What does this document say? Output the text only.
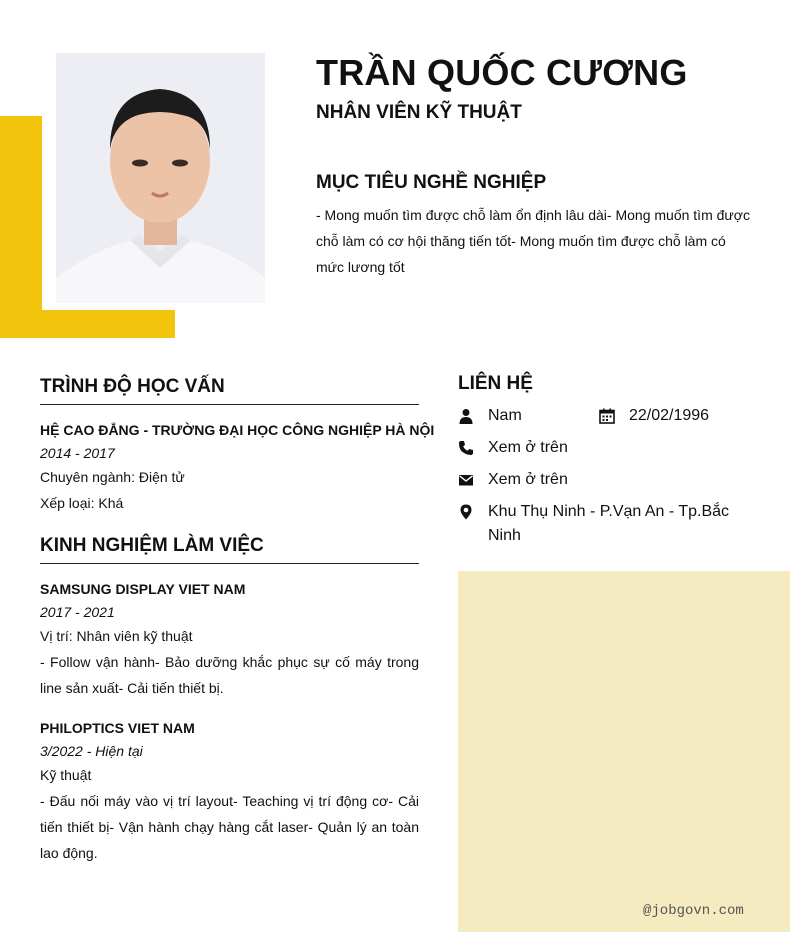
TRẦN QUỐC CƯƠNG
NHÂN VIÊN KỸ THUẬT
MỤC TIÊU NGHỀ NGHIỆP

- Mong muốn tìm được chỗ làm ổn định lâu dài- Mong muốn tìm được chỗ làm có cơ hội thăng tiến tốt- Mong muốn tìm được chỗ làm có mức lương tốt

TRÌNH ĐỘ HỌC VẤN
HỆ CAO ĐẲNG - TRƯỜNG ĐẠI HỌC CÔNG NGHIỆP HÀ NỘI
2014 - 2017
Chuyên ngành: Điện tử
Xếp loại: Khá
KINH NGHIỆM LÀM VIỆC
SAMSUNG DISPLAY VIET NAM
2017 - 2021
Vị trí: Nhân viên kỹ thuật
- Follow vận hành- Bảo dưỡng khắc phục sự cố máy trong line sản xuất- Cải tiến thiết bị.
PHILOPTICS VIET NAM
3/2022 - Hiện tại
Kỹ thuật
- Đấu nối máy vào vị trí layout- Teaching vị trí động cơ- Cải tiến thiết bị- Vận hành chạy hàng cắt laser- Quản lý an toàn lao động.
LIÊN HỆ
Nam	22/02/1996
Xem ở trên
Xem ở trên
Khu Thụ Ninh - P.Vạn An - Tp.Bắc Ninh
@jobgovn.com
